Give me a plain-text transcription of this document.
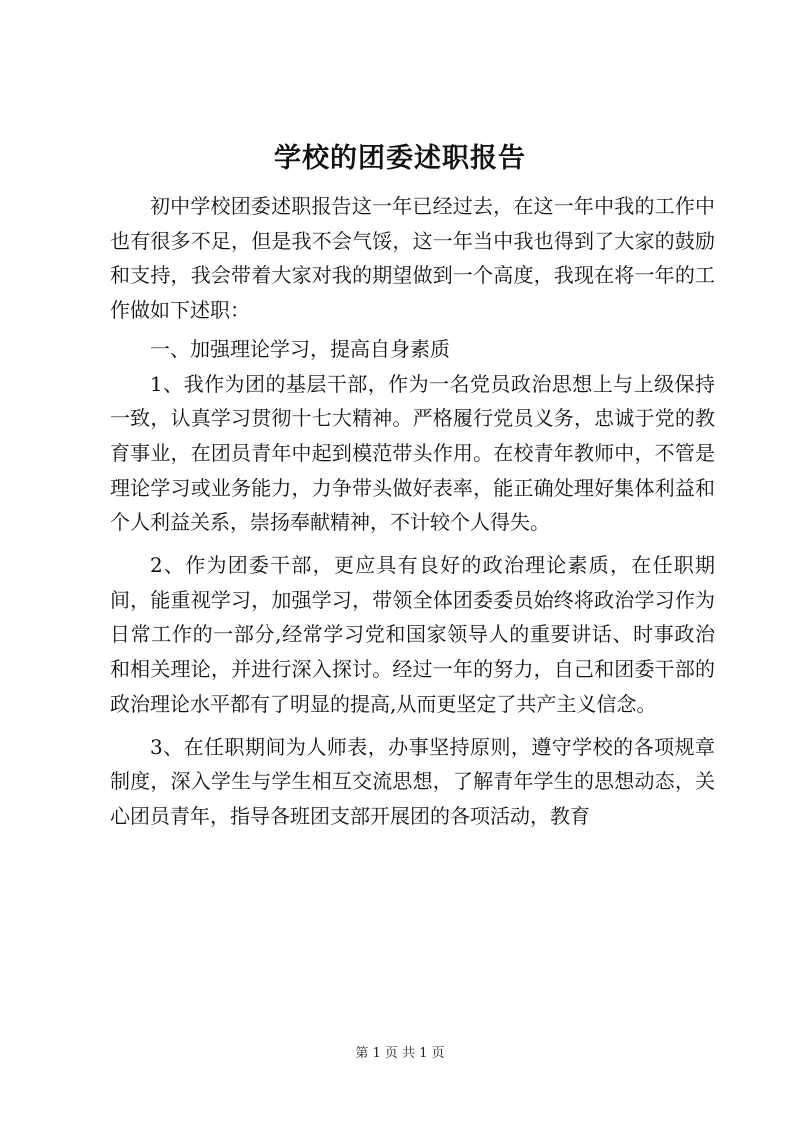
学校的团委述职报告

初中学校团委述职报告这一年已经过去，在这一年中我的工作中也有很多不足，但是我不会气馁，这一年当中我也得到了大家的鼓励和支持，我会带着大家对我的期望做到一个高度，我现在将一年的工作做如下述职：

一、加强理论学习，提高自身素质

1、我作为团的基层干部，作为一名党员政治思想上与上级保持一致，认真学习贯彻十七大精神。严格履行党员义务，忠诚于党的教育事业，在团员青年中起到模范带头作用。在校青年教师中，不管是理论学习或业务能力，力争带头做好表率，能正确处理好集体利益和个人利益关系，崇扬奉献精神，不计较个人得失。

2、作为团委干部，更应具有良好的政治理论素质，在任职期间，能重视学习，加强学习，带领全体团委委员始终将政治学习作为日常工作的一部分,经常学习党和国家领导人的重要讲话、时事政治和相关理论，并进行深入探讨。经过一年的努力，自己和团委干部的政治理论水平都有了明显的提高,从而更坚定了共产主义信念。

3、在任职期间为人师表，办事坚持原则，遵守学校的各项规章制度，深入学生与学生相互交流思想，了解青年学生的思想动态，关心团员青年，指导各班团支部开展团的各项活动，教育

第 1 页 共 1 页
